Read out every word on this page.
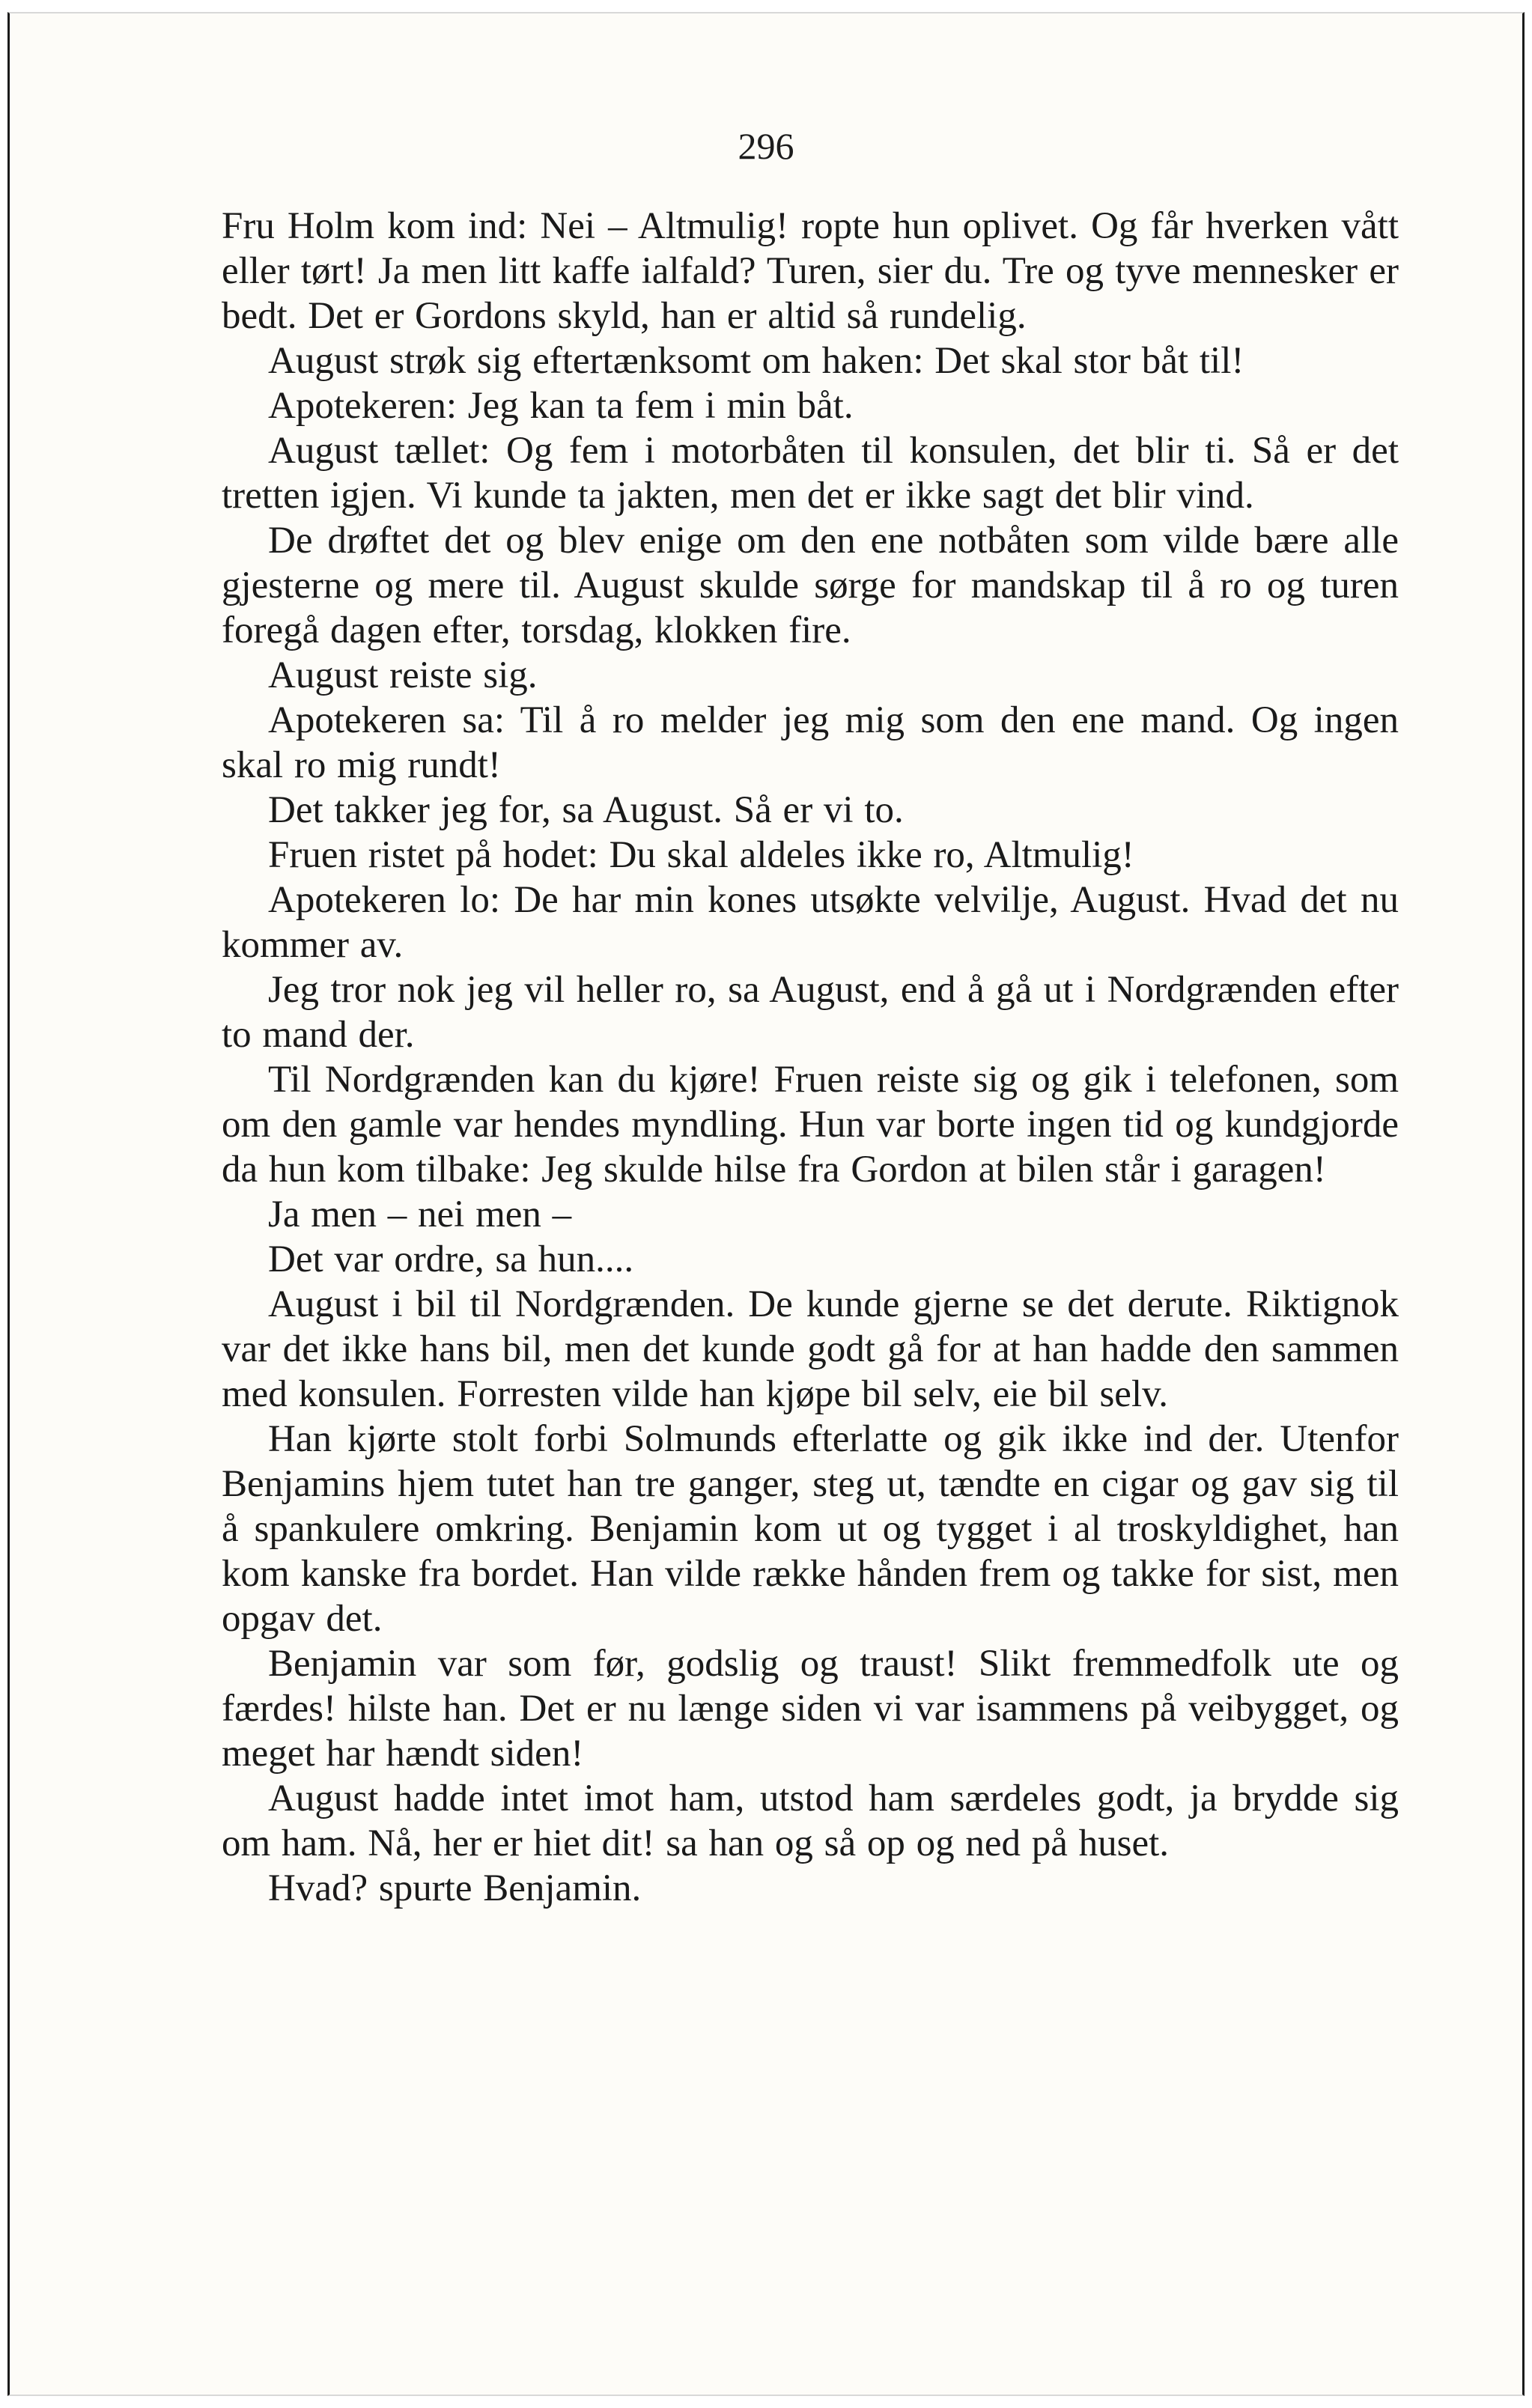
296

Fru Holm kom ind: Nei – Altmulig! ropte hun oplivet. Og får hverken vått eller tørt! Ja men litt kaffe ialfald? Turen, sier du. Tre og tyve mennesker er bedt. Det er Gordons skyld, han er altid så rundelig.

August strøk sig eftertænksomt om haken: Det skal stor båt til!

Apotekeren: Jeg kan ta fem i min båt.

August tællet: Og fem i motorbåten til konsulen, det blir ti. Så er det tretten igjen. Vi kunde ta jakten, men det er ikke sagt det blir vind.

De drøftet det og blev enige om den ene notbåten som vilde bære alle gjesterne og mere til. August skulde sørge for mandskap til å ro og turen foregå dagen efter, torsdag, klokken fire.

August reiste sig.

Apotekeren sa: Til å ro melder jeg mig som den ene mand. Og ingen skal ro mig rundt!

Det takker jeg for, sa August. Så er vi to.

Fruen ristet på hodet: Du skal aldeles ikke ro, Altmulig!

Apotekeren lo: De har min kones utsøkte velvilje, August. Hvad det nu kommer av.

Jeg tror nok jeg vil heller ro, sa August, end å gå ut i Nordgrænden efter to mand der.

Til Nordgrænden kan du kjøre! Fruen reiste sig og gik i telefonen, som om den gamle var hendes myndling. Hun var borte ingen tid og kundgjorde da hun kom tilbake: Jeg skulde hilse fra Gordon at bilen står i garagen!

Ja men – nei men –

Det var ordre, sa hun....

August i bil til Nordgrænden. De kunde gjerne se det derute. Riktignok var det ikke hans bil, men det kunde godt gå for at han hadde den sammen med konsulen. Forresten vilde han kjøpe bil selv, eie bil selv.

Han kjørte stolt forbi Solmunds efterlatte og gik ikke ind der. Utenfor Benjamins hjem tutet han tre ganger, steg ut, tændte en cigar og gav sig til å spankulere omkring. Benjamin kom ut og tygget i al troskyldighet, han kom kanske fra bordet. Han vilde række hånden frem og takke for sist, men opgav det.

Benjamin var som før, godslig og traust! Slikt fremmedfolk ute og færdes! hilste han. Det er nu længe siden vi var isammens på veibygget, og meget har hændt siden!

August hadde intet imot ham, utstod ham særdeles godt, ja brydde sig om ham. Nå, her er hiet dit! sa han og så op og ned på huset.

Hvad? spurte Benjamin.
